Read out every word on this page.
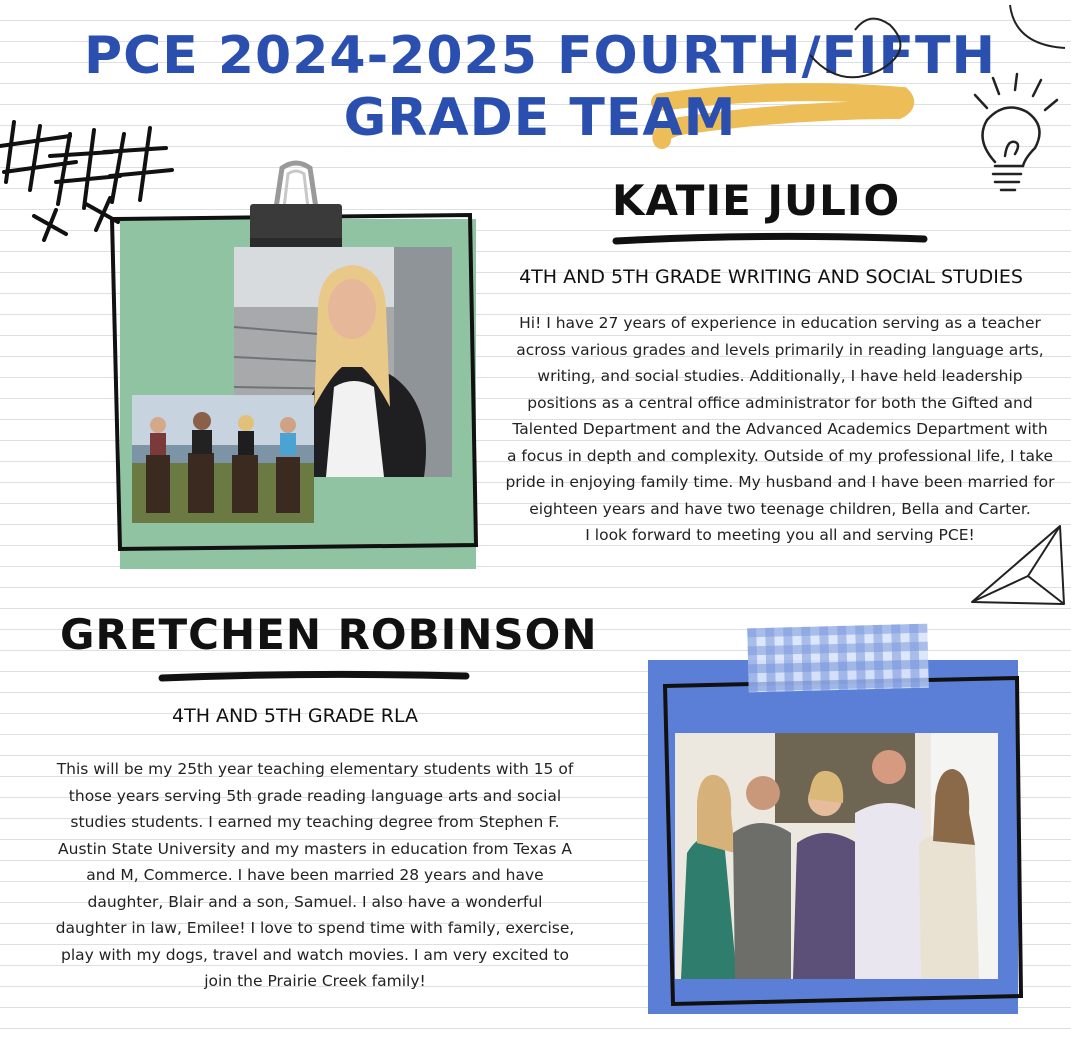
PCE 2024-2025 FOURTH/FIFTH
GRADE TEAM
KATIE JULIO

4TH AND 5TH GRADE WRITING AND SOCIAL STUDIES

Hi! I have 27 years of experience in education serving as a teacher

across various grades and levels primarily in reading language arts,

writing, and social studies. Additionally, I have held leadership

positions as a central office administrator for both the Gifted and

Talented Department and the Advanced Academics Department with

a focus in depth and complexity. Outside of my professional life, I take

pride in enjoying family time. My husband and I have been married for

eighteen years and have two teenage children, Bella and Carter.

I look forward to meeting you all and serving PCE!

GRETCHEN ROBINSON

4TH AND 5TH GRADE RLA

This will be my 25th year teaching elementary students with 15 of

those years serving 5th grade reading language arts and social

studies students. I earned my teaching degree from Stephen F.

Austin State University and my masters in education from Texas A

and M, Commerce. I have been married 28 years and have

daughter, Blair and a son, Samuel. I also have a wonderful

daughter in law, Emilee! I love to spend time with family, exercise,

play with my dogs, travel and watch movies. I am very excited to

join the Prairie Creek family!
